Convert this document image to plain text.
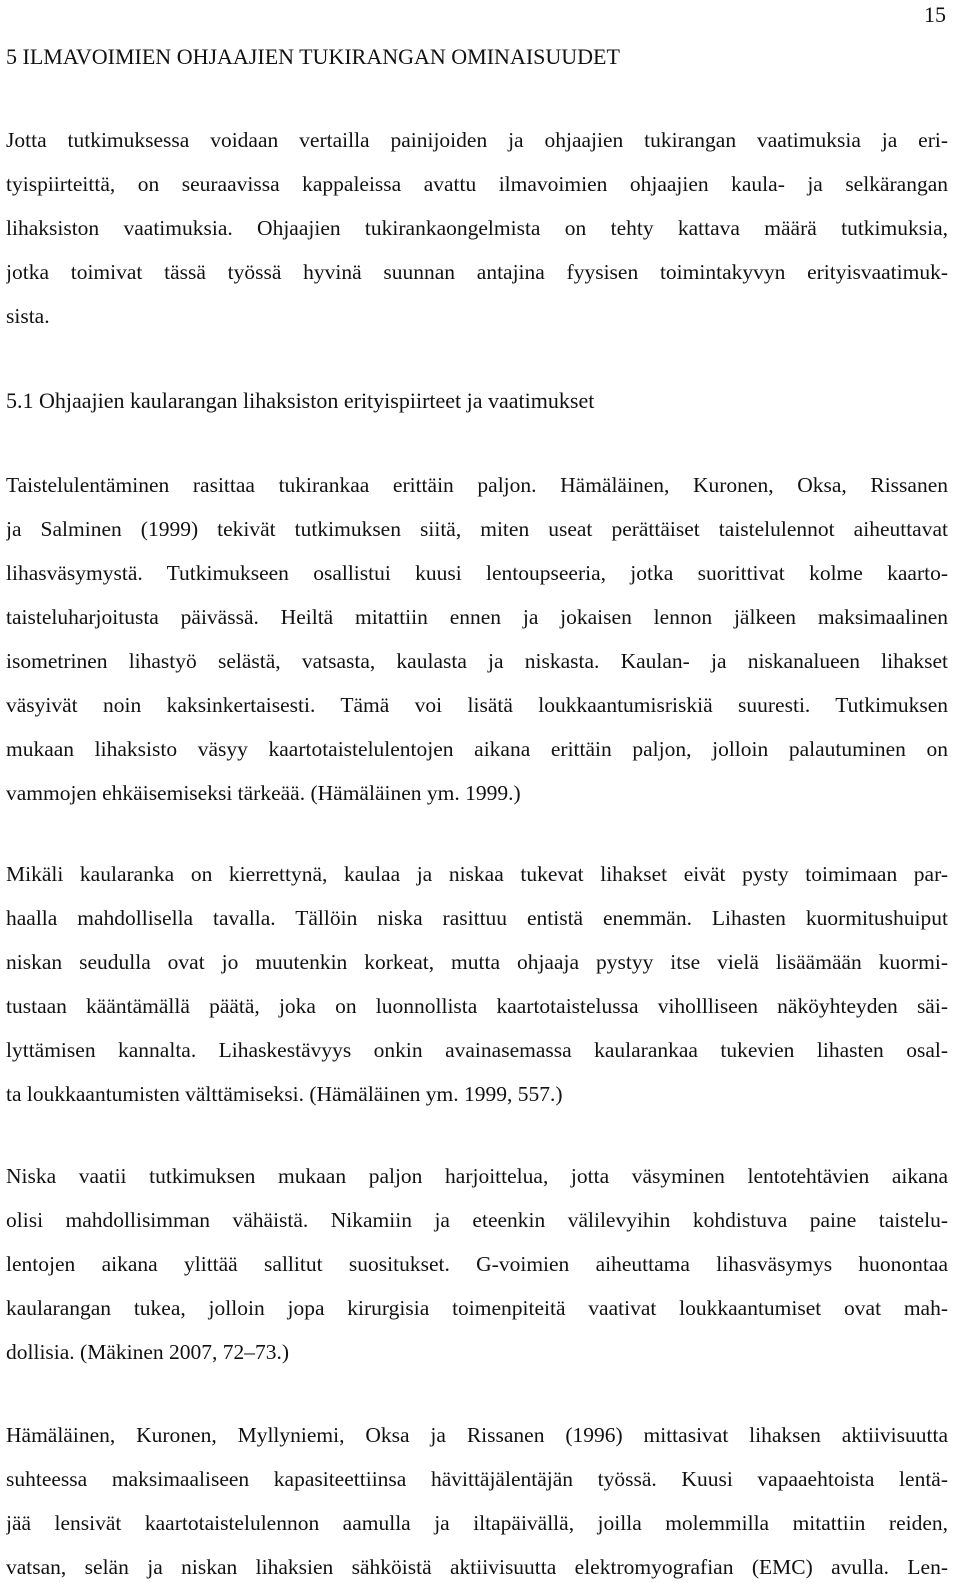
15
5 ILMAVOIMIEN OHJAAJIEN TUKIRANGAN OMINAISUUDET
Jotta tutkimuksessa voidaan vertailla painijoiden ja ohjaajien tukirangan vaatimuksia ja eri-
tyispiirteittä, on seuraavissa kappaleissa avattu ilmavoimien ohjaajien kaula- ja selkärangan
lihaksiston vaatimuksia. Ohjaajien tukirankaongelmista on tehty kattava määrä tutkimuksia,
jotka toimivat tässä työssä hyvinä suunnan antajina fyysisen toimintakyvyn erityisvaatimuk-
sista.
5.1 Ohjaajien kaularangan lihaksiston erityispiirteet ja vaatimukset
Taistelulentäminen rasittaa tukirankaa erittäin paljon. Hämäläinen, Kuronen, Oksa, Rissanen
ja Salminen (1999) tekivät tutkimuksen siitä, miten useat perättäiset taistelulennot aiheuttavat
lihasväsymystä. Tutkimukseen osallistui kuusi lentoupseeria, jotka suorittivat kolme kaarto-
taisteluharjoitusta päivässä. Heiltä mitattiin ennen ja jokaisen lennon jälkeen maksimaalinen
isometrinen lihastyö selästä, vatsasta, kaulasta ja niskasta. Kaulan- ja niskanalueen lihakset
väsyivät noin kaksinkertaisesti. Tämä voi lisätä loukkaantumisriskiä suuresti. Tutkimuksen
mukaan lihaksisto väsyy kaartotaistelulentojen aikana erittäin paljon, jolloin palautuminen on
vammojen ehkäisemiseksi tärkeää. (Hämäläinen ym. 1999.)
Mikäli kaularanka on kierrettynä, kaulaa ja niskaa tukevat lihakset eivät pysty toimimaan par-
haalla mahdollisella tavalla. Tällöin niska rasittuu entistä enemmän. Lihasten kuormitushuiput
niskan seudulla ovat jo muutenkin korkeat, mutta ohjaaja pystyy itse vielä lisäämään kuormi-
tustaan kääntämällä päätä, joka on luonnollista kaartotaistelussa vihollliseen näköyhteyden säi-
lyttämisen kannalta. Lihaskestävyys onkin avainasemassa kaularankaa tukevien lihasten osal-
ta loukkaantumisten välttämiseksi. (Hämäläinen ym. 1999, 557.)
Niska vaatii tutkimuksen mukaan paljon harjoittelua, jotta väsyminen lentotehtävien aikana
olisi mahdollisimman vähäistä. Nikamiin ja eteenkin välilevyihin kohdistuva paine taistelu-
lentojen aikana ylittää sallitut suositukset. G-voimien aiheuttama lihasväsymys huonontaa
kaularangan tukea, jolloin jopa kirurgisia toimenpiteitä vaativat loukkaantumiset ovat mah-
dollisia. (Mäkinen 2007, 72–73.)
Hämäläinen, Kuronen, Myllyniemi, Oksa ja Rissanen (1996) mittasivat lihaksen aktiivisuutta
suhteessa maksimaaliseen kapasiteettiinsa hävittäjälentäjän työssä. Kuusi vapaaehtoista lentä-
jää lensivät kaartotaistelulennon aamulla ja iltapäivällä, joilla molemmilla mitattiin reiden,
vatsan, selän ja niskan lihaksien sähköistä aktiivisuutta elektromyografian (EMC) avulla. Len-
